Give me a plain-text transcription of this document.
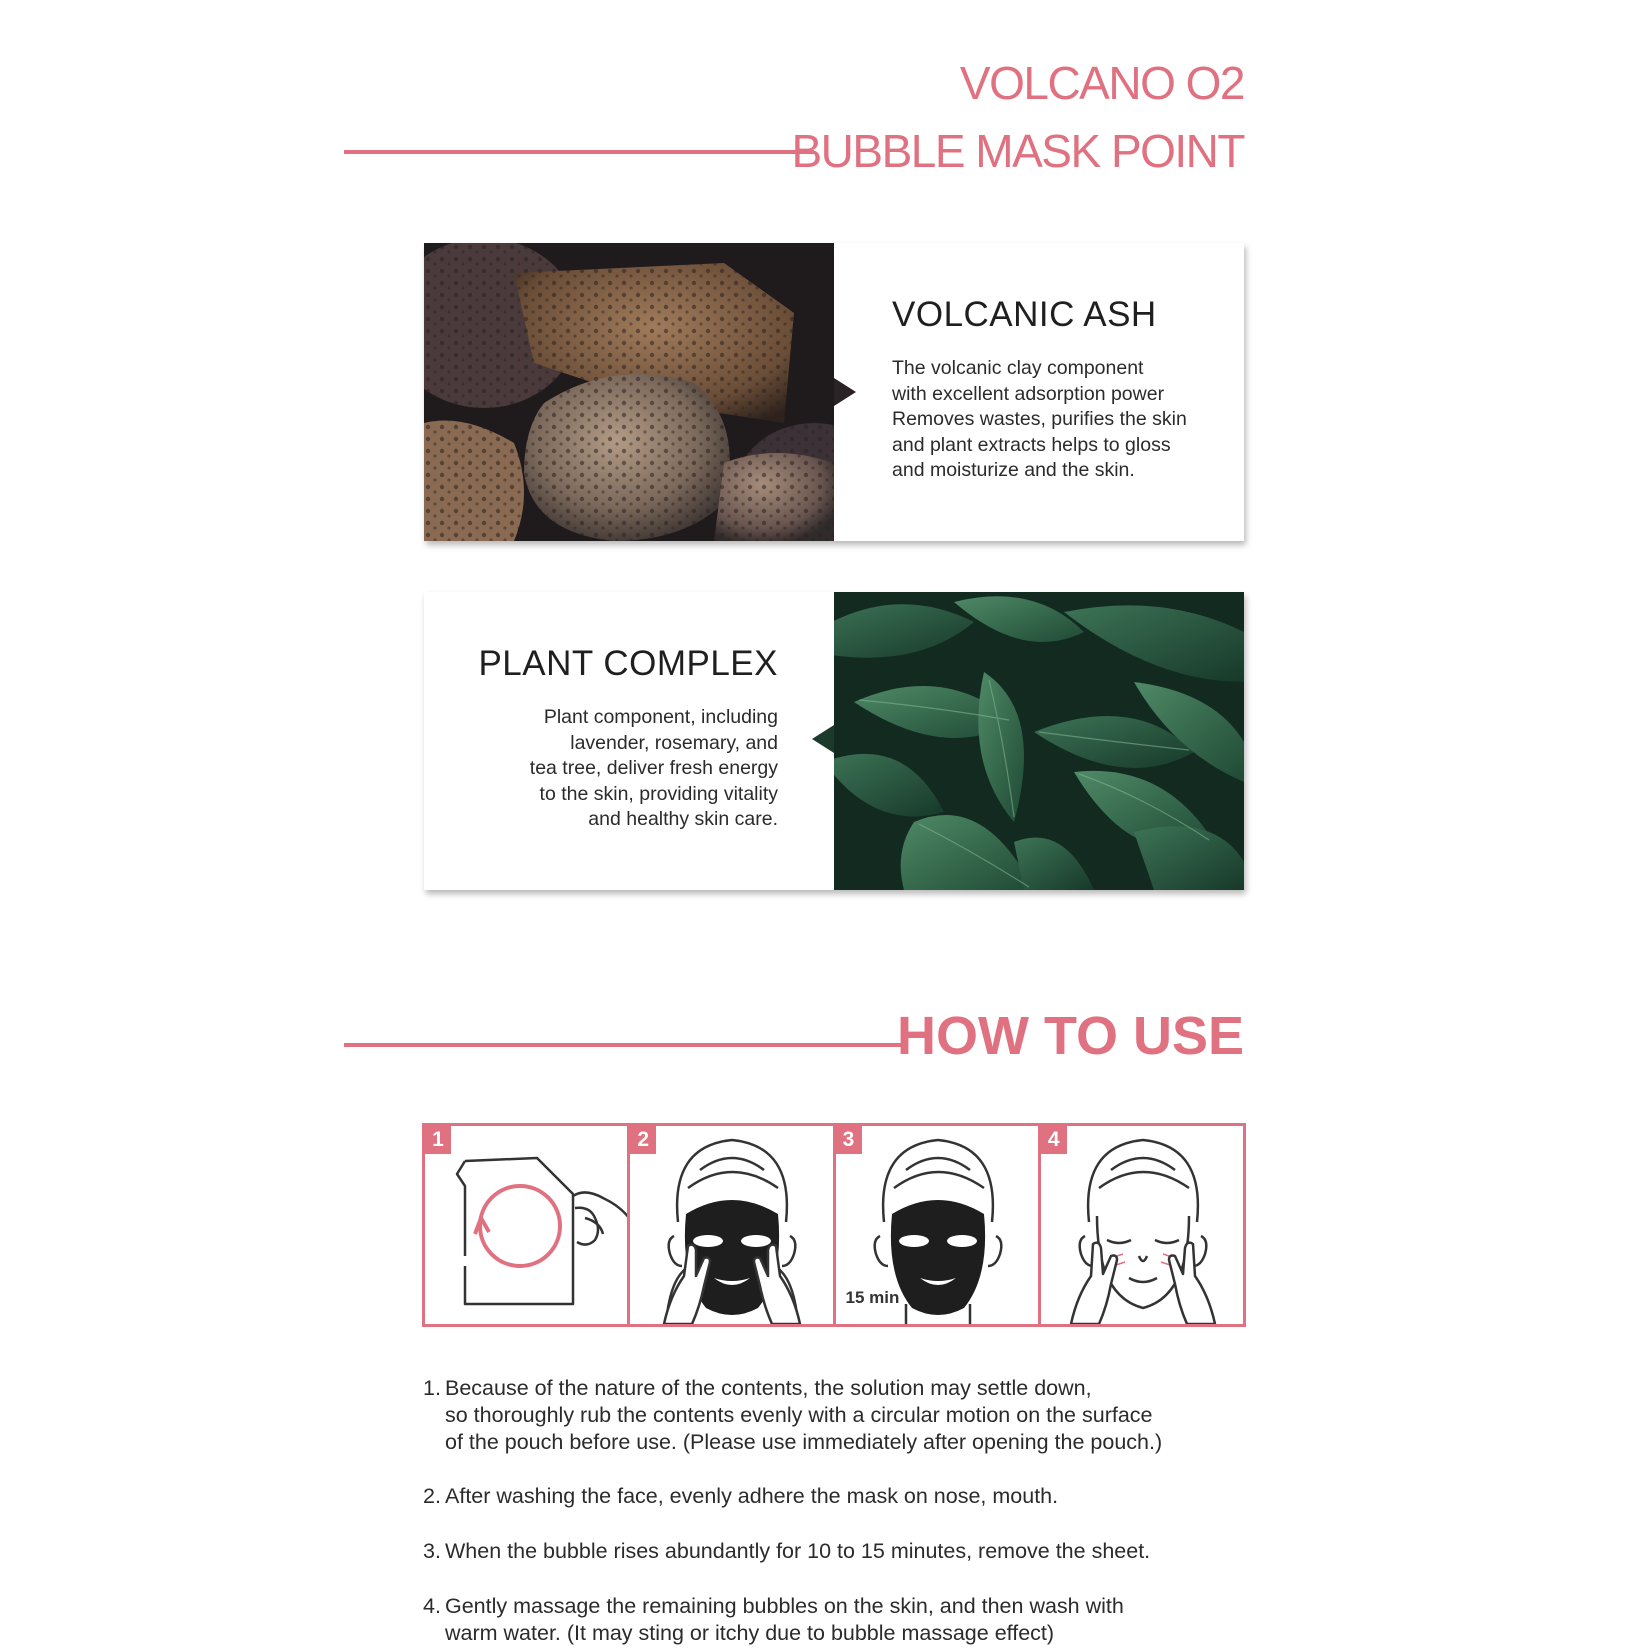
VOLCANO O2
BUBBLE MASK POINT
VOLCANIC ASH
The volcanic clay component
with excellent adsorption power
Removes wastes, purifies the skin
and plant extracts helps to gloss
and moisturize and the skin.
PLANT COMPLEX
Plant component, including
lavender, rosemary, and
tea tree, deliver fresh energy
to the skin, providing vitality
and healthy skin care.
HOW TO USE
1	2	3
15 min
4

1. Because of the nature of the contents, the solution may settle down,
so thoroughly rub the contents evenly with a circular motion on the surface
of the pouch before use. (Please use immediately after opening the pouch.)

2. After washing the face, evenly adhere the mask on nose, mouth.

3. When the bubble rises abundantly for 10 to 15 minutes, remove the sheet.

4. Gently massage the remaining bubbles on the skin, and then wash with
warm water. (It may sting or itchy due to bubble massage effect)
